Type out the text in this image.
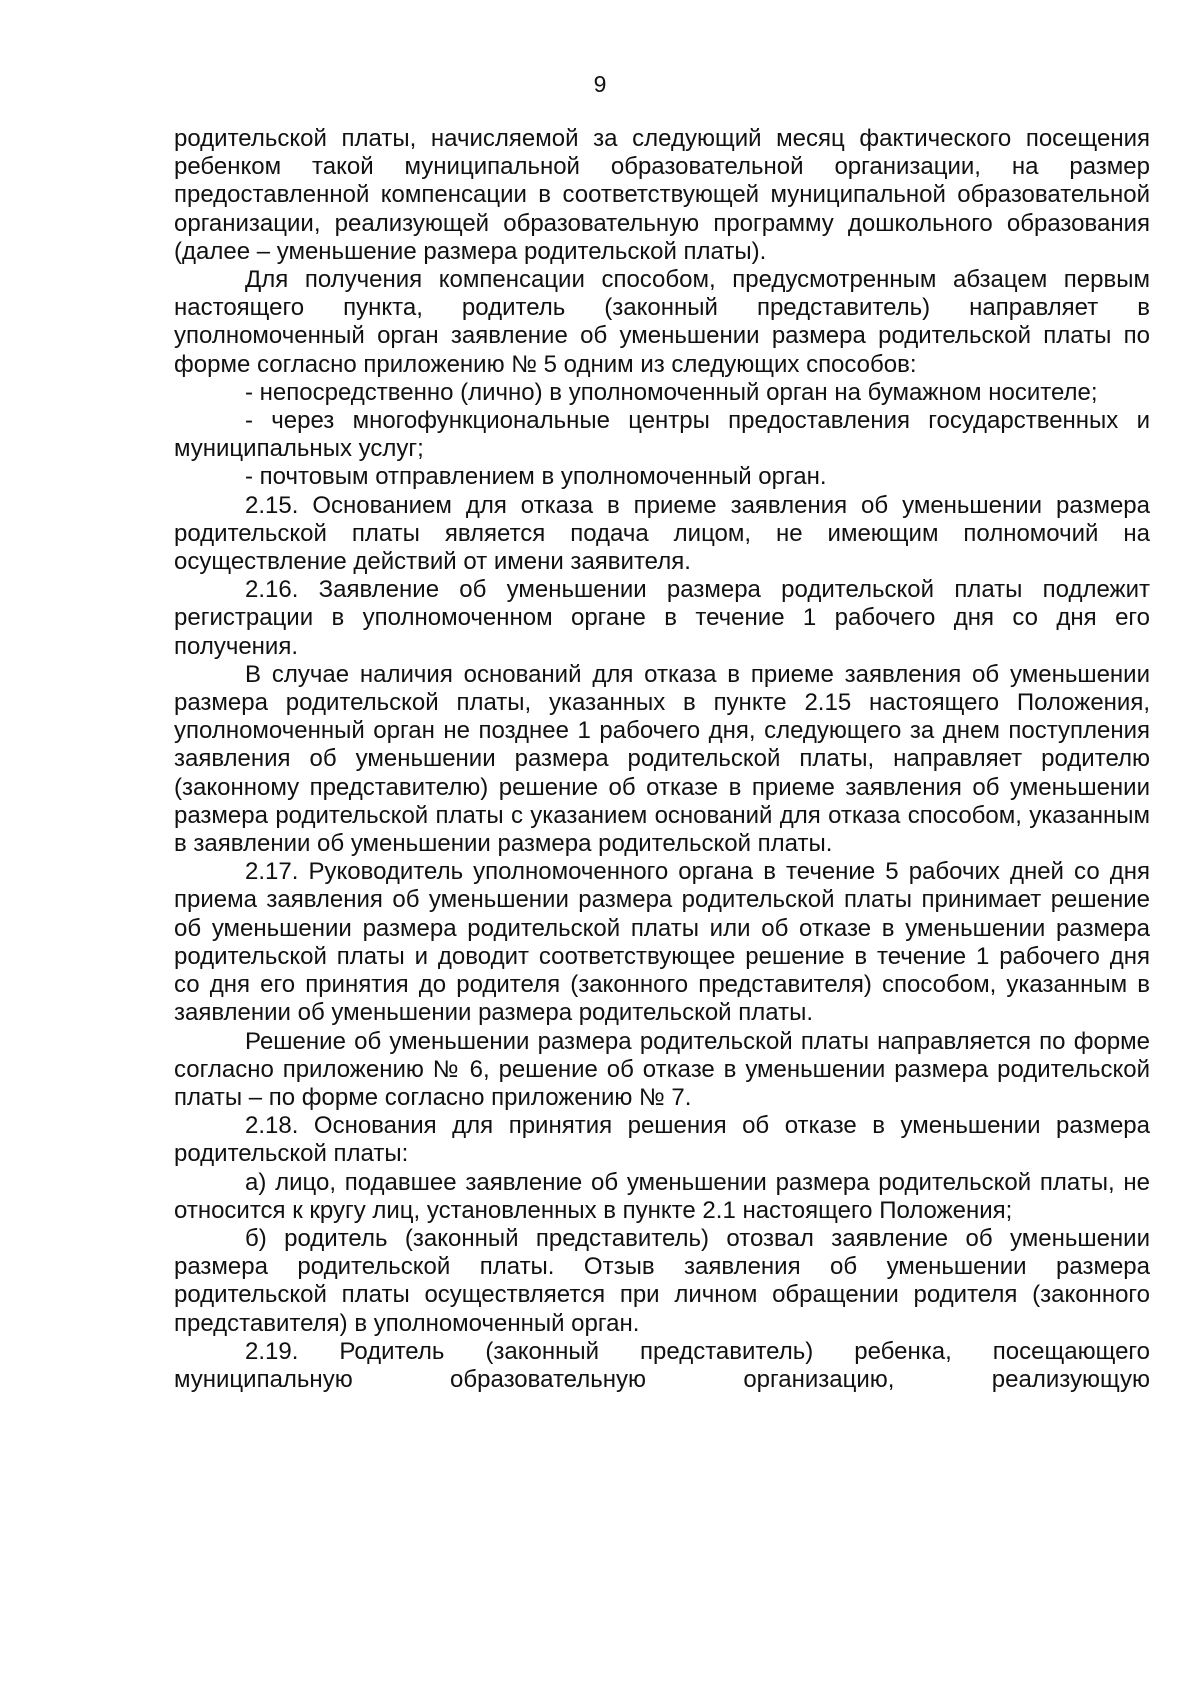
9

родительской платы, начисляемой за следующий месяц фактического посещения ребенком такой муниципальной образовательной организации, на размер предоставленной компенсации в соответствующей муниципальной образовательной организации, реализующей образовательную программу дошкольного образования (далее – уменьшение размера родительской платы).

Для получения компенсации способом, предусмотренным абзацем первым настоящего пункта, родитель (законный представитель) направляет в уполномоченный орган заявление об уменьшении размера родительской платы по форме согласно приложению № 5 одним из следующих способов:

- непосредственно (лично) в уполномоченный орган на бумажном носителе;

- через многофункциональные центры предоставления государственных и муниципальных услуг;

- почтовым отправлением в уполномоченный орган.

2.15. Основанием для отказа в приеме заявления об уменьшении размера родительской платы является подача лицом, не имеющим полномочий на осуществление действий от имени заявителя.

2.16. Заявление об уменьшении размера родительской платы подлежит регистрации в уполномоченном органе в течение 1 рабочего дня со дня его получения.

В случае наличия оснований для отказа в приеме заявления об уменьшении размера родительской платы, указанных в пункте 2.15 настоящего Положения, уполномоченный орган не позднее 1 рабочего дня, следующего за днем поступления заявления об уменьшении размера родительской платы, направляет родителю (законному представителю) решение об отказе в приеме заявления об уменьшении размера родительской платы с указанием оснований для отказа способом, указанным в заявлении об уменьшении размера родительской платы.

2.17. Руководитель уполномоченного органа в течение 5 рабочих дней со дня приема заявления об уменьшении размера родительской платы принимает решение об уменьшении размера родительской платы или об отказе в уменьшении размера родительской платы и доводит соответствующее решение в течение 1 рабочего дня со дня его принятия до родителя (законного представителя) способом, указанным в заявлении об уменьшении размера родительской платы.

Решение об уменьшении размера родительской платы направляется по форме согласно приложению № 6, решение об отказе в уменьшении размера родительской платы – по форме согласно приложению № 7.

2.18. Основания для принятия решения об отказе в уменьшении размера родительской платы:

а) лицо, подавшее заявление об уменьшении размера родительской платы, не относится к кругу лиц, установленных в пункте 2.1 настоящего Положения;

б) родитель (законный представитель) отозвал заявление об уменьшении размера родительской платы. Отзыв заявления об уменьшении размера родительской платы осуществляется при личном обращении родителя (законного представителя) в уполномоченный орган.

2.19. Родитель (законный представитель) ребенка, посещающего муниципальную образовательную организацию, реализующую
